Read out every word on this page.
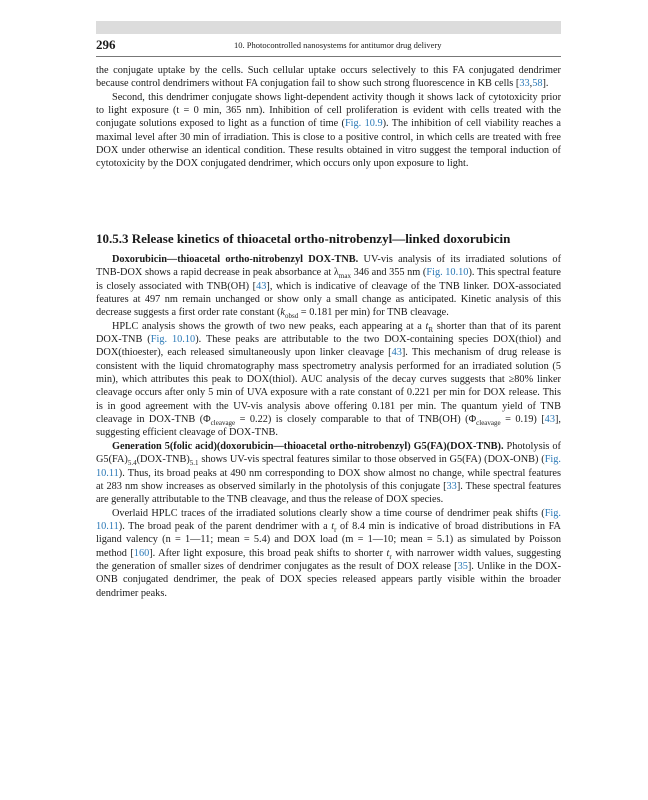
296	10. Photocontrolled nanosystems for antitumor drug delivery

the conjugate uptake by the cells. Such cellular uptake occurs selectively to this FA conjugated dendrimer because control dendrimers without FA conjugation fail to show such strong fluorescence in KB cells [33,58].

Second, this dendrimer conjugate shows light-dependent activity though it shows lack of cytotoxicity prior to light exposure (t = 0 min, 365 nm). Inhibition of cell proliferation is evident with cells treated with the conjugate solutions exposed to light as a function of time (Fig. 10.9). The inhibition of cell viability reaches a maximal level after 30 min of irradiation. This is close to a positive control, in which cells are treated with free DOX under otherwise an identical condition. These results obtained in vitro suggest the temporal induction of cytotoxicity by the DOX conjugated dendrimer, which occurs only upon exposure to light.

10.5.3 Release kinetics of thioacetal ortho-nitrobenzyl—linked doxorubicin

Doxorubicin—thioacetal ortho-nitrobenzyl DOX-TNB. UV-vis analysis of its irradiated solutions of TNB-DOX shows a rapid decrease in peak absorbance at $\lambda_{max}$ 346 and 355 nm (Fig. 10.10). This spectral feature is closely associated with TNB(OH) [43], which is indicative of cleavage of the TNB linker. DOX-associated features at 497 nm remain unchanged or show only a small change as anticipated. Kinetic analysis of this decrease suggests a first order rate constant ($k_{obsd} = 0.181$ per min) for TNB cleavage.

HPLC analysis shows the growth of two new peaks, each appearing at a $t_R$ shorter than that of its parent DOX-TNB (Fig. 10.10). These peaks are attributable to the two DOX-containing species DOX(thiol) and DOX(thioester), each released simultaneously upon linker cleavage [43]. This mechanism of drug release is consistent with the liquid chromatography mass spectrometry analysis performed for an irradiated solution (5 min), which attributes this peak to DOX(thiol). AUC analysis of the decay curves suggests that ≥80% linker cleavage occurs after only 5 min of UVA exposure with a rate constant of 0.221 per min for DOX release. This is in good agreement with the UV-vis analysis above offering 0.181 per min. The quantum yield of TNB cleavage in DOX-TNB $(\Phi_{cleavage} = 0.22)$ is closely comparable to that of TNB(OH) $(\Phi_{cleavage} = 0.19)$ [43], suggesting efficient cleavage of DOX-TNB.

Generation 5(folic acid)(doxorubicin—thioacetal ortho-nitrobenzyl) G5(FA)(DOX-TNB). Photolysis of $G5(FA)_{5.4}(DOX-TNB)_{5.1}$ shows UV-vis spectral features similar to those observed in G5(FA) (DOX-ONB) (Fig. 10.11). Thus, its broad peaks at 490 nm corresponding to DOX show almost no change, while spectral features at 283 nm show increases as observed similarly in the photolysis of this conjugate [33]. These spectral features are generally attributable to the TNB cleavage, and thus the release of DOX species.

Overlaid HPLC traces of the irradiated solutions clearly show a time course of dendrimer peak shifts (Fig. 10.11). The broad peak of the parent dendrimer with a $t_r$ of 8.4 min is indicative of broad distributions in FA ligand valency (n = 1—11; mean = 5.4) and DOX load (m = 1—10; mean = 5.1) as simulated by Poisson method [160]. After light exposure, this broad peak shifts to shorter $t_r$ with narrower width values, suggesting the generation of smaller sizes of dendrimer conjugates as the result of DOX release [35]. Unlike in the DOX-ONB conjugated dendrimer, the peak of DOX species released appears partly visible within the broader dendrimer peaks.
